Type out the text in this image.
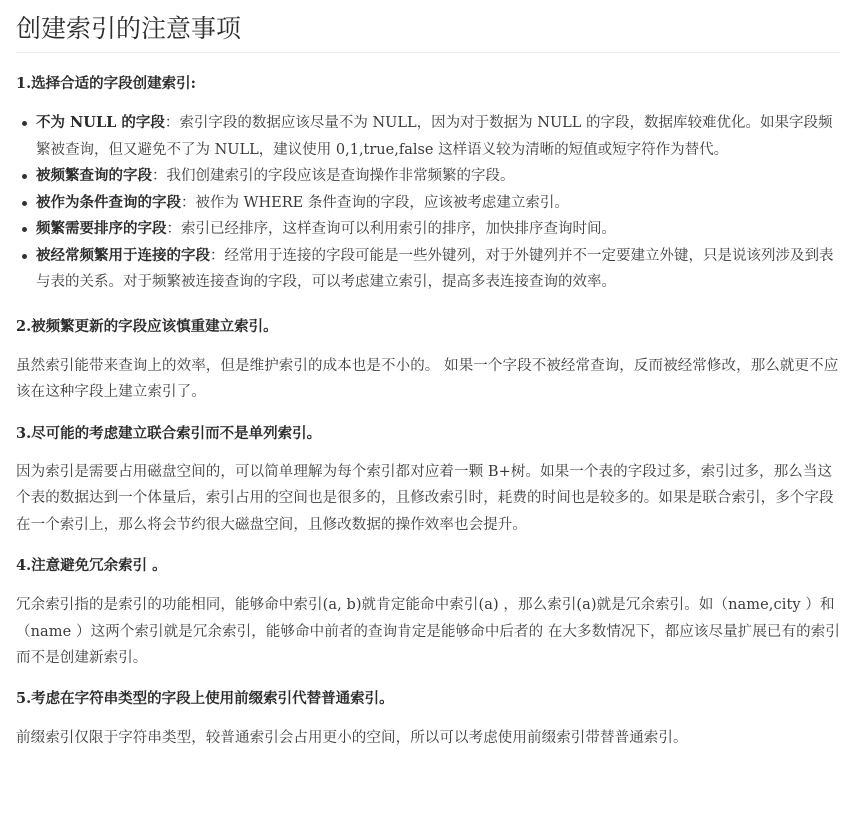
创建索引的注意事项
1.选择合适的字段创建索引:
不为 NULL 的字段：索引字段的数据应该尽量不为 NULL，因为对于数据为 NULL 的字段，数据库较难优化。如果字段频繁被查询，但又避免不了为 NULL，建议使用 0,1,true,false 这样语义较为清晰的短值或短字符作为替代。
被频繁查询的字段：我们创建索引的字段应该是查询操作非常频繁的字段。
被作为条件查询的字段：被作为 WHERE 条件查询的字段，应该被考虑建立索引。
频繁需要排序的字段：索引已经排序，这样查询可以利用索引的排序，加快排序查询时间。
被经常频繁用于连接的字段：经常用于连接的字段可能是一些外键列，对于外键列并不一定要建立外键，只是说该列涉及到表与表的关系。对于频繁被连接查询的字段，可以考虑建立索引，提高多表连接查询的效率。
2.被频繁更新的字段应该慎重建立索引。

虽然索引能带来查询上的效率，但是维护索引的成本也是不小的。 如果一个字段不被经常查询，反而被经常修改，那么就更不应该在这种字段上建立索引了。

3.尽可能的考虑建立联合索引而不是单列索引。

因为索引是需要占用磁盘空间的，可以简单理解为每个索引都对应着一颗 B+树。如果一个表的字段过多，索引过多，那么当这个表的数据达到一个体量后，索引占用的空间也是很多的，且修改索引时，耗费的时间也是较多的。如果是联合索引，多个字段在一个索引上，那么将会节约很大磁盘空间，且修改数据的操作效率也会提升。

4.注意避免冗余索引 。

冗余索引指的是索引的功能相同，能够命中索引(a, b)就肯定能命中索引(a) ，那么索引(a)就是冗余索引。如（name,city ）和（name ）这两个索引就是冗余索引，能够命中前者的查询肯定是能够命中后者的 在大多数情况下，都应该尽量扩展已有的索引而不是创建新索引。

5.考虑在字符串类型的字段上使用前缀索引代替普通索引。

前缀索引仅限于字符串类型，较普通索引会占用更小的空间，所以可以考虑使用前缀索引带替普通索引。
